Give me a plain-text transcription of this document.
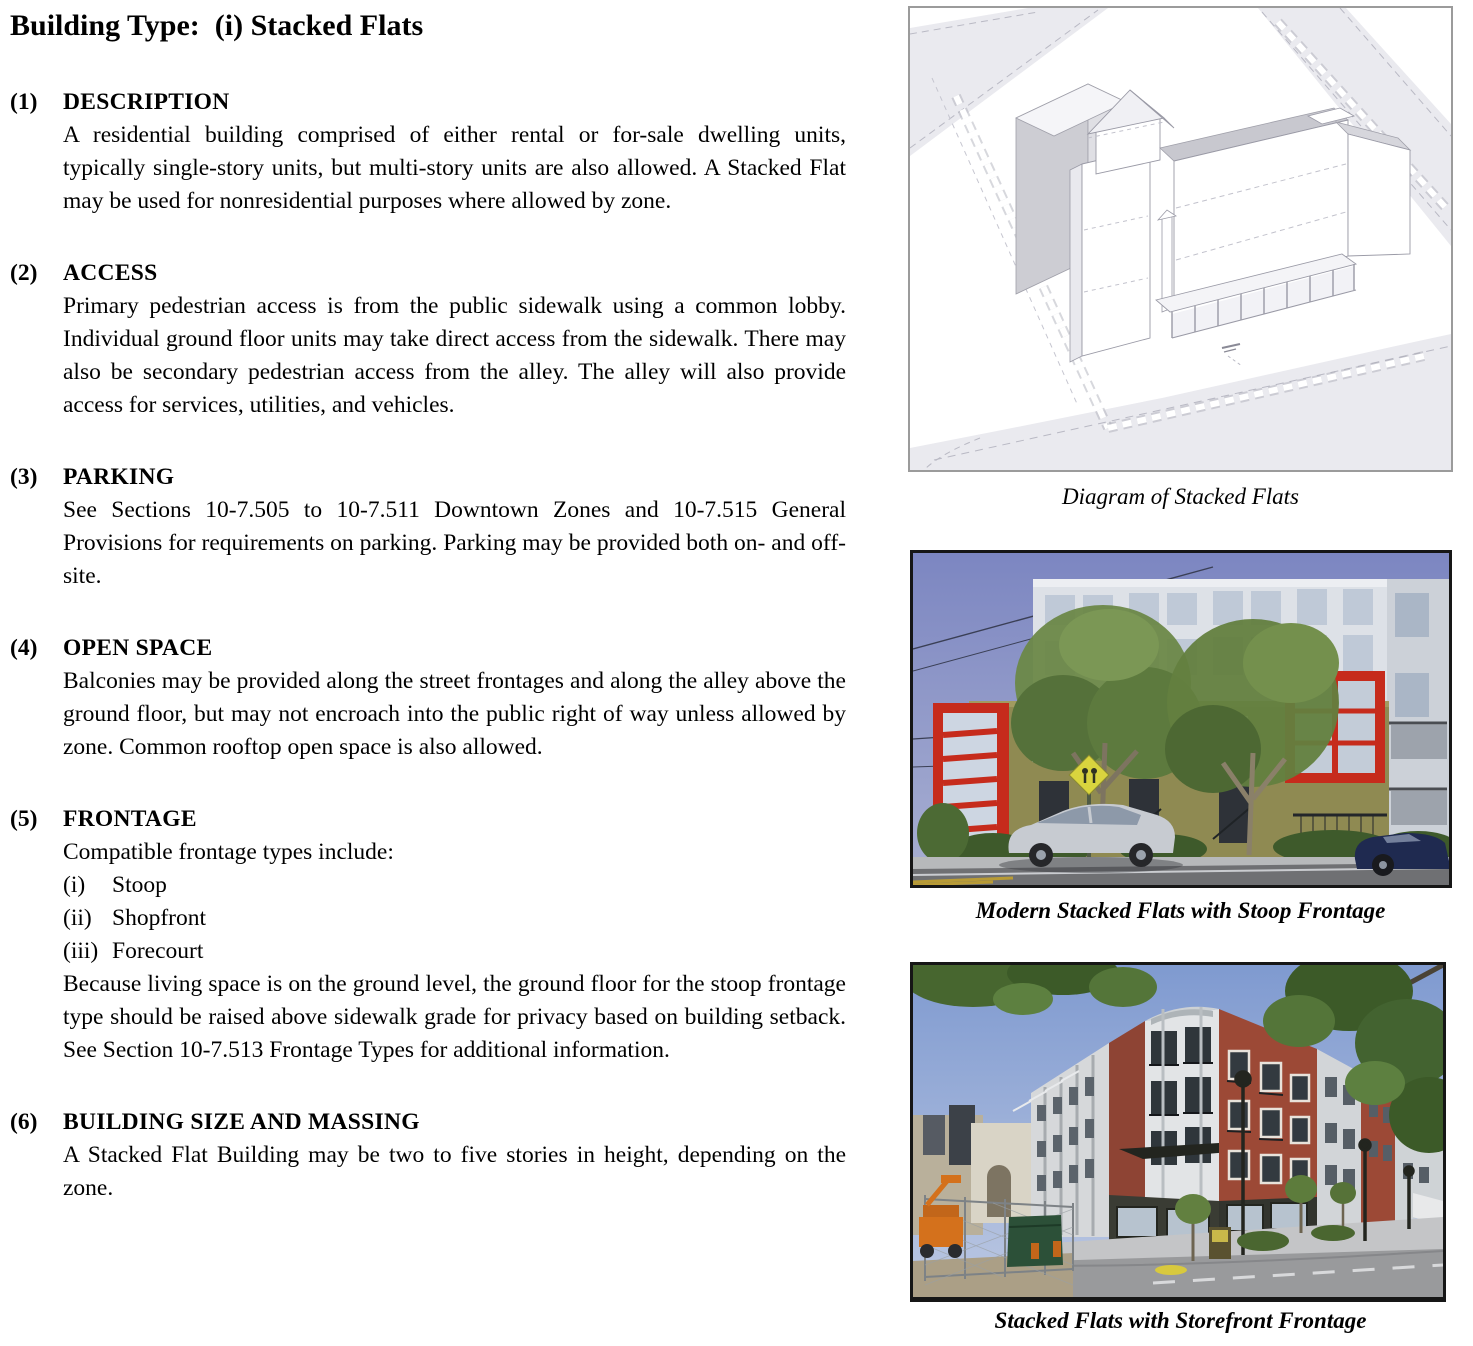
Building Type:  (i) Stacked Flats
(1)	DESCRIPTION

A residential building comprised of either rental or for-sale dwelling units, typically single-story units, but multi-story units are also allowed. A Stacked Flat may be used for nonresidential purposes where allowed by zone.

(2)	ACCESS

Primary pedestrian access is from the public sidewalk using a common lobby. Individual ground floor units may take direct access from the sidewalk. There may also be secondary pedestrian access from the alley. The alley will also provide access for services, utilities, and vehicles.

(3)	PARKING

See Sections 10-7.505 to 10-7.511 Downtown Zones and 10-7.515 General Provisions for requirements on parking. Parking may be provided both on- and off-site.

(4)	OPEN SPACE

Balconies may be provided along the street frontages and along the alley above the ground floor, but may not encroach into the public right of way unless allowed by zone. Common rooftop open space is also allowed.

(5)	FRONTAGE

Compatible frontage types include:

(i)	Stoop
(ii) Shopfront
(iii) Forecourt

Because living space is on the ground level, the ground floor for the stoop frontage type should be raised above sidewalk grade for privacy based on building setback. See Section 10-7.513 Frontage Types for additional information.

(6)	BUILDING SIZE AND MASSING

A Stacked Flat Building may be two to five stories in height, depending on the zone.

Diagram of Stacked Flats
Modern Stacked Flats with Stoop Frontage
Stacked Flats with Storefront Frontage
